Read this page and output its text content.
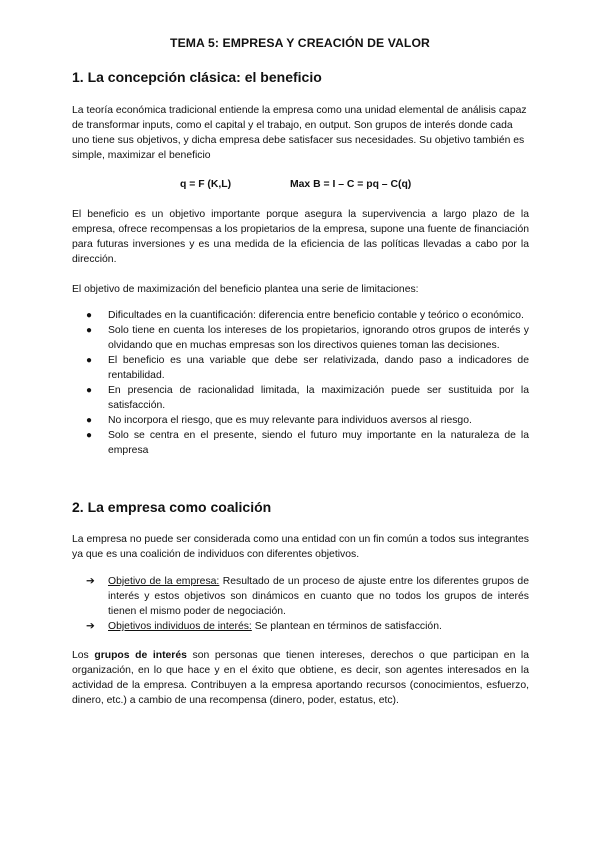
TEMA 5: EMPRESA Y CREACIÓN DE VALOR
1. La concepción clásica: el beneficio
La teoría económica tradicional entiende la empresa como una unidad elemental de análisis capaz de transformar inputs, como el capital y el trabajo, en output. Son grupos de interés donde cada uno tiene sus objetivos, y dicha empresa debe satisfacer sus necesidades. Su objetivo también es simple, maximizar el beneficio
q = F (K,L)	Max B = I – C = pq – C(q)
El beneficio es un objetivo importante porque asegura la supervivencia a largo plazo de la empresa, ofrece recompensas a los propietarios de la empresa, supone una fuente de financiación para futuras inversiones y es una medida de la eficiencia de las políticas llevadas a cabo por la dirección.
El objetivo de maximización del beneficio plantea una serie de limitaciones:
● Dificultades en la cuantificación: diferencia entre beneficio contable y teórico o económico.
● Solo tiene en cuenta los intereses de los propietarios, ignorando otros grupos de interés y olvidando que en muchas empresas son los directivos quienes toman las decisiones.
● El beneficio es una variable que debe ser relativizada, dando paso a indicadores de rentabilidad.
● En presencia de racionalidad limitada, la maximización puede ser sustituida por la satisfacción.
● No incorpora el riesgo, que es muy relevante para individuos aversos al riesgo.
● Solo se centra en el presente, siendo el futuro muy importante en la naturaleza de la empresa
2. La empresa como coalición
La empresa no puede ser considerada como una entidad con un fin común a todos sus integrantes ya que es una coalición de individuos con diferentes objetivos.
➔ Objetivo de la empresa: Resultado de un proceso de ajuste entre los diferentes grupos de interés y estos objetivos son dinámicos en cuanto que no todos los grupos de interés tienen el mismo poder de negociación.
➔ Objetivos individuos de interés: Se plantean en términos de satisfacción.
Los grupos de interés son personas que tienen intereses, derechos o que participan en la organización, en lo que hace y en el éxito que obtiene, es decir, son agentes interesados en la actividad de la empresa. Contribuyen a la empresa aportando recursos (conocimientos, esfuerzo, dinero, etc.) a cambio de una recompensa (dinero, poder, estatus, etc).
